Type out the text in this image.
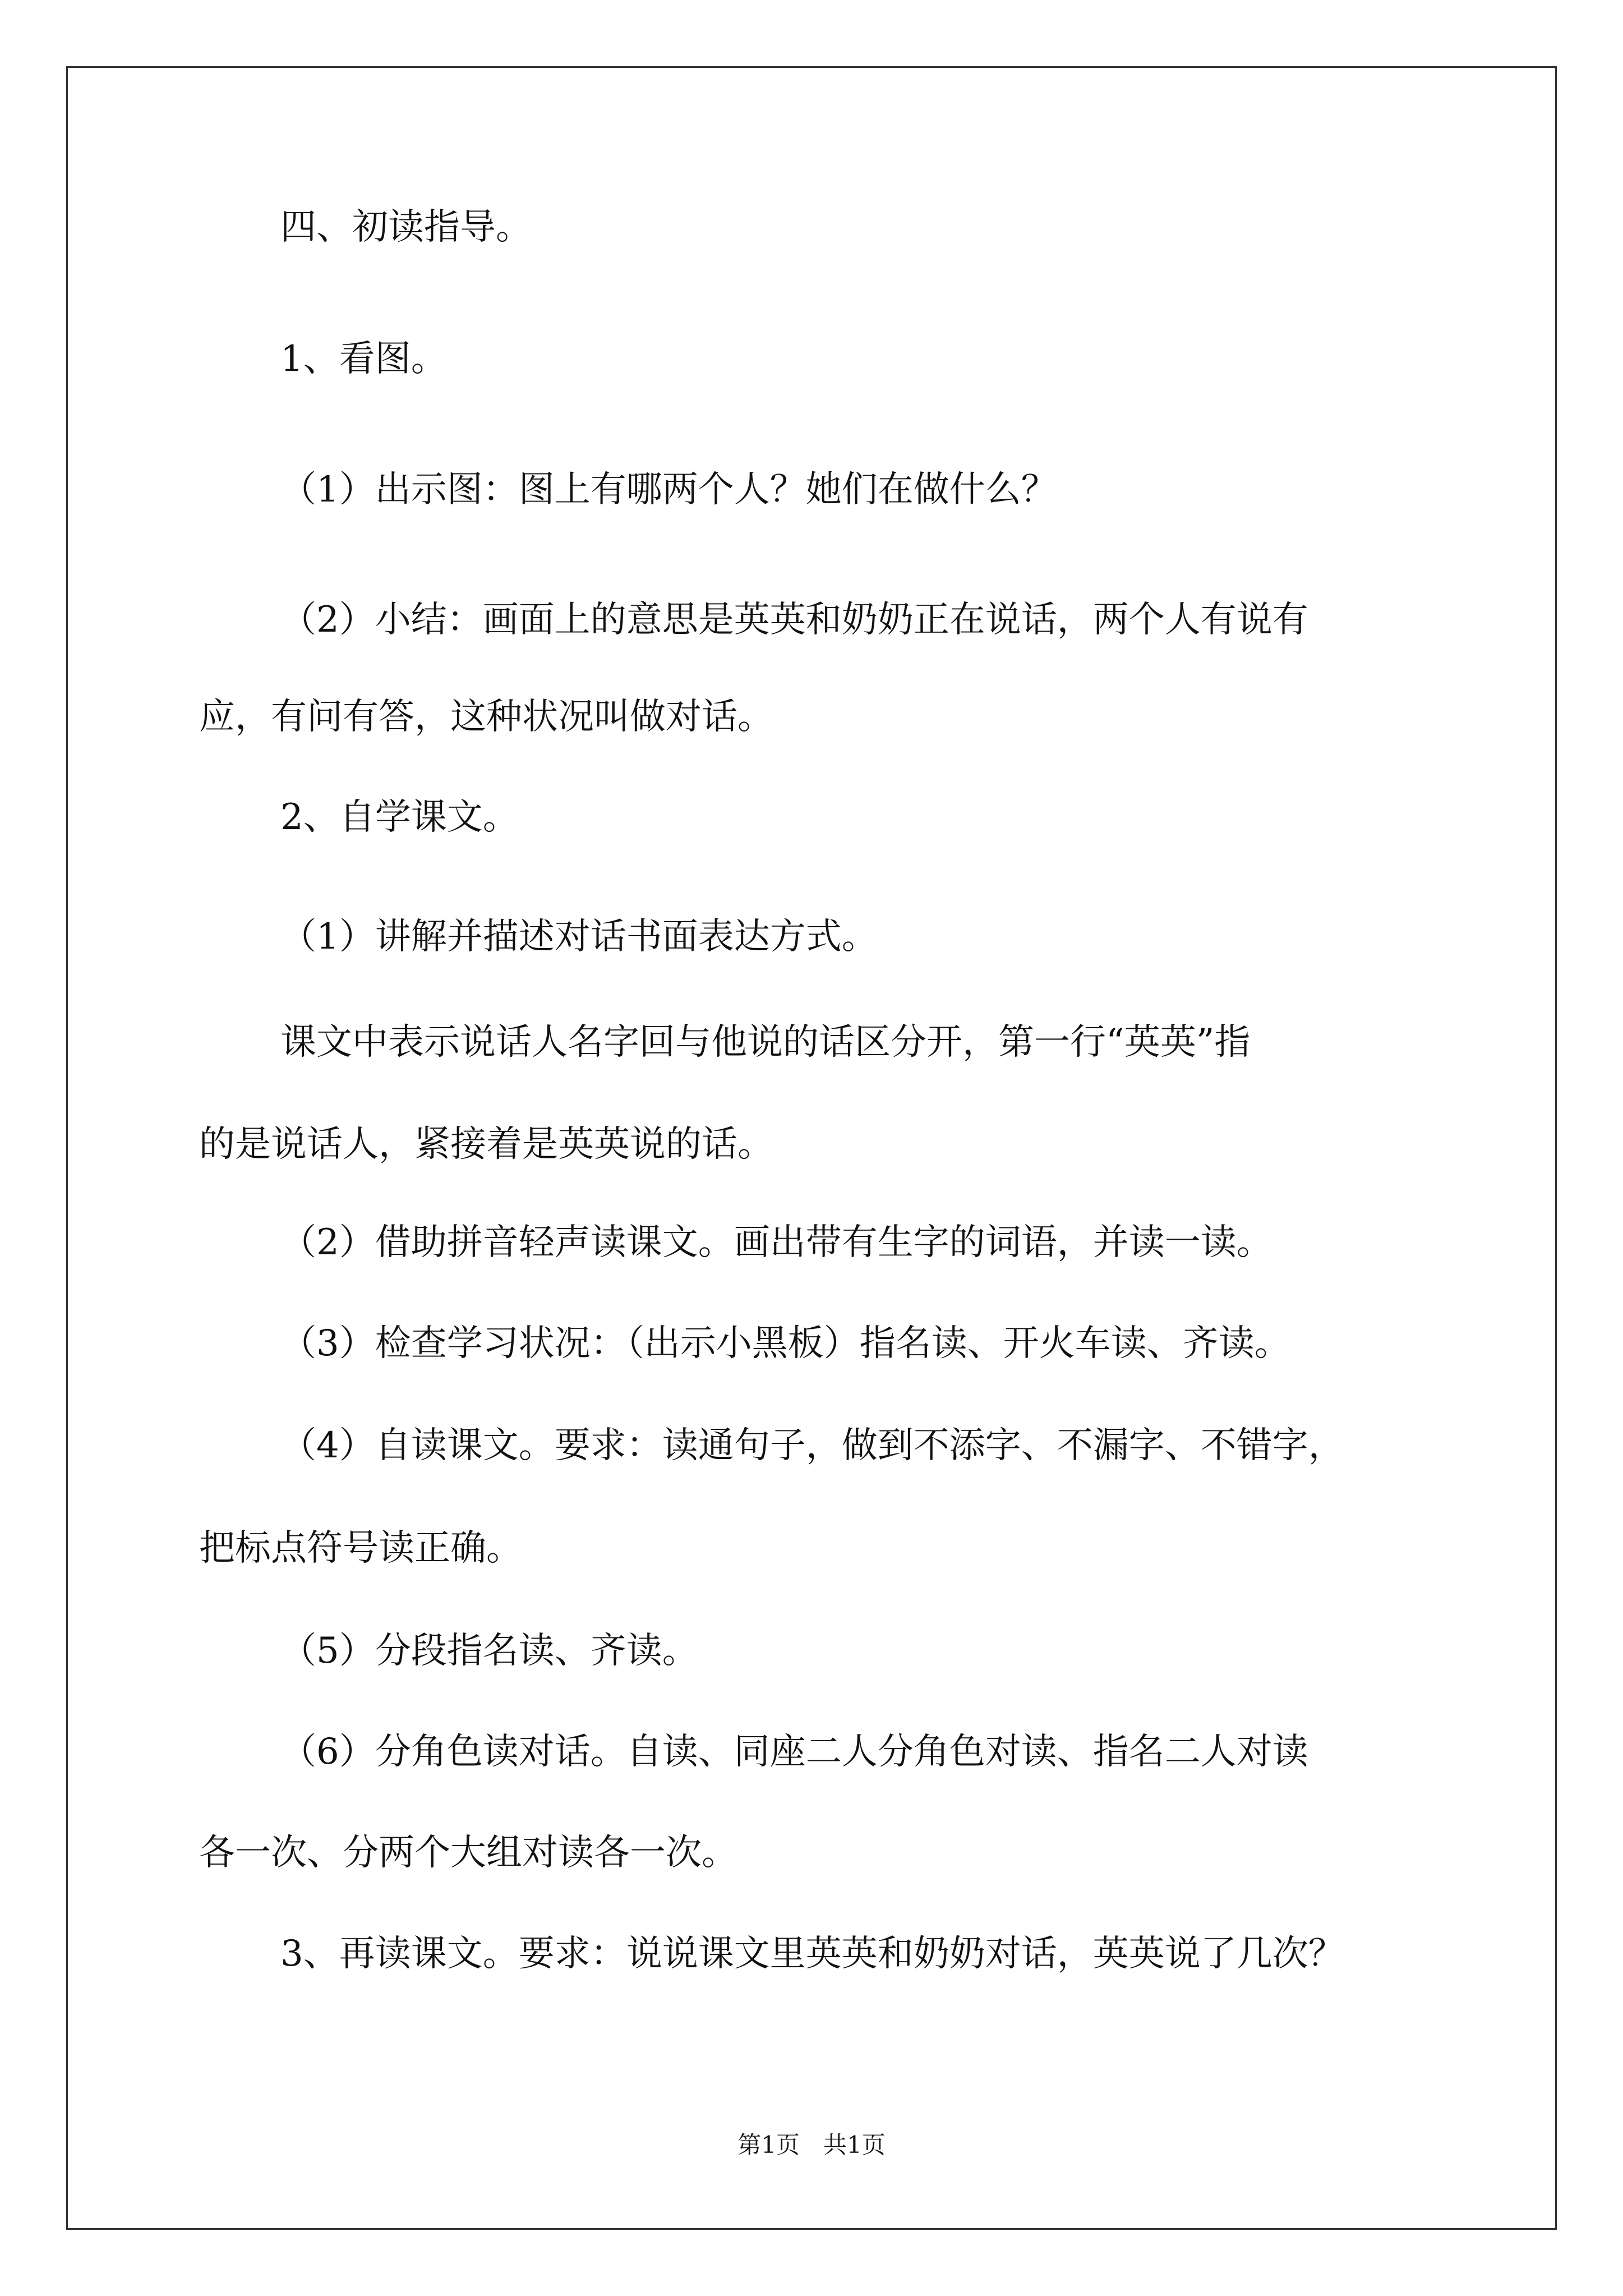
四、初读指导。
1、看图。
（1）出示图：图上有哪两个人？她们在做什么？
（2）小结：画面上的意思是英英和奶奶正在说话，两个人有说有
应，有问有答，这种状况叫做对话。
2、自学课文。
（1）讲解并描述对话书面表达方式。
课文中表示说话人名字回与他说的话区分开，第一行“英英”指
的是说话人，紧接着是英英说的话。
（2）借助拼音轻声读课文。画出带有生字的词语，并读一读。
（3）检查学习状况：（出示小黑板）指名读、开火车读、齐读。
（4）自读课文。要求：读通句子，做到不添字、不漏字、不错字，
把标点符号读正确。
（5）分段指名读、齐读。
（6）分角色读对话。自读、同座二人分角色对读、指名二人对读
各一次、分两个大组对读各一次。
3、再读课文。要求：说说课文里英英和奶奶对话，英英说了几次？
第1页　共1页
